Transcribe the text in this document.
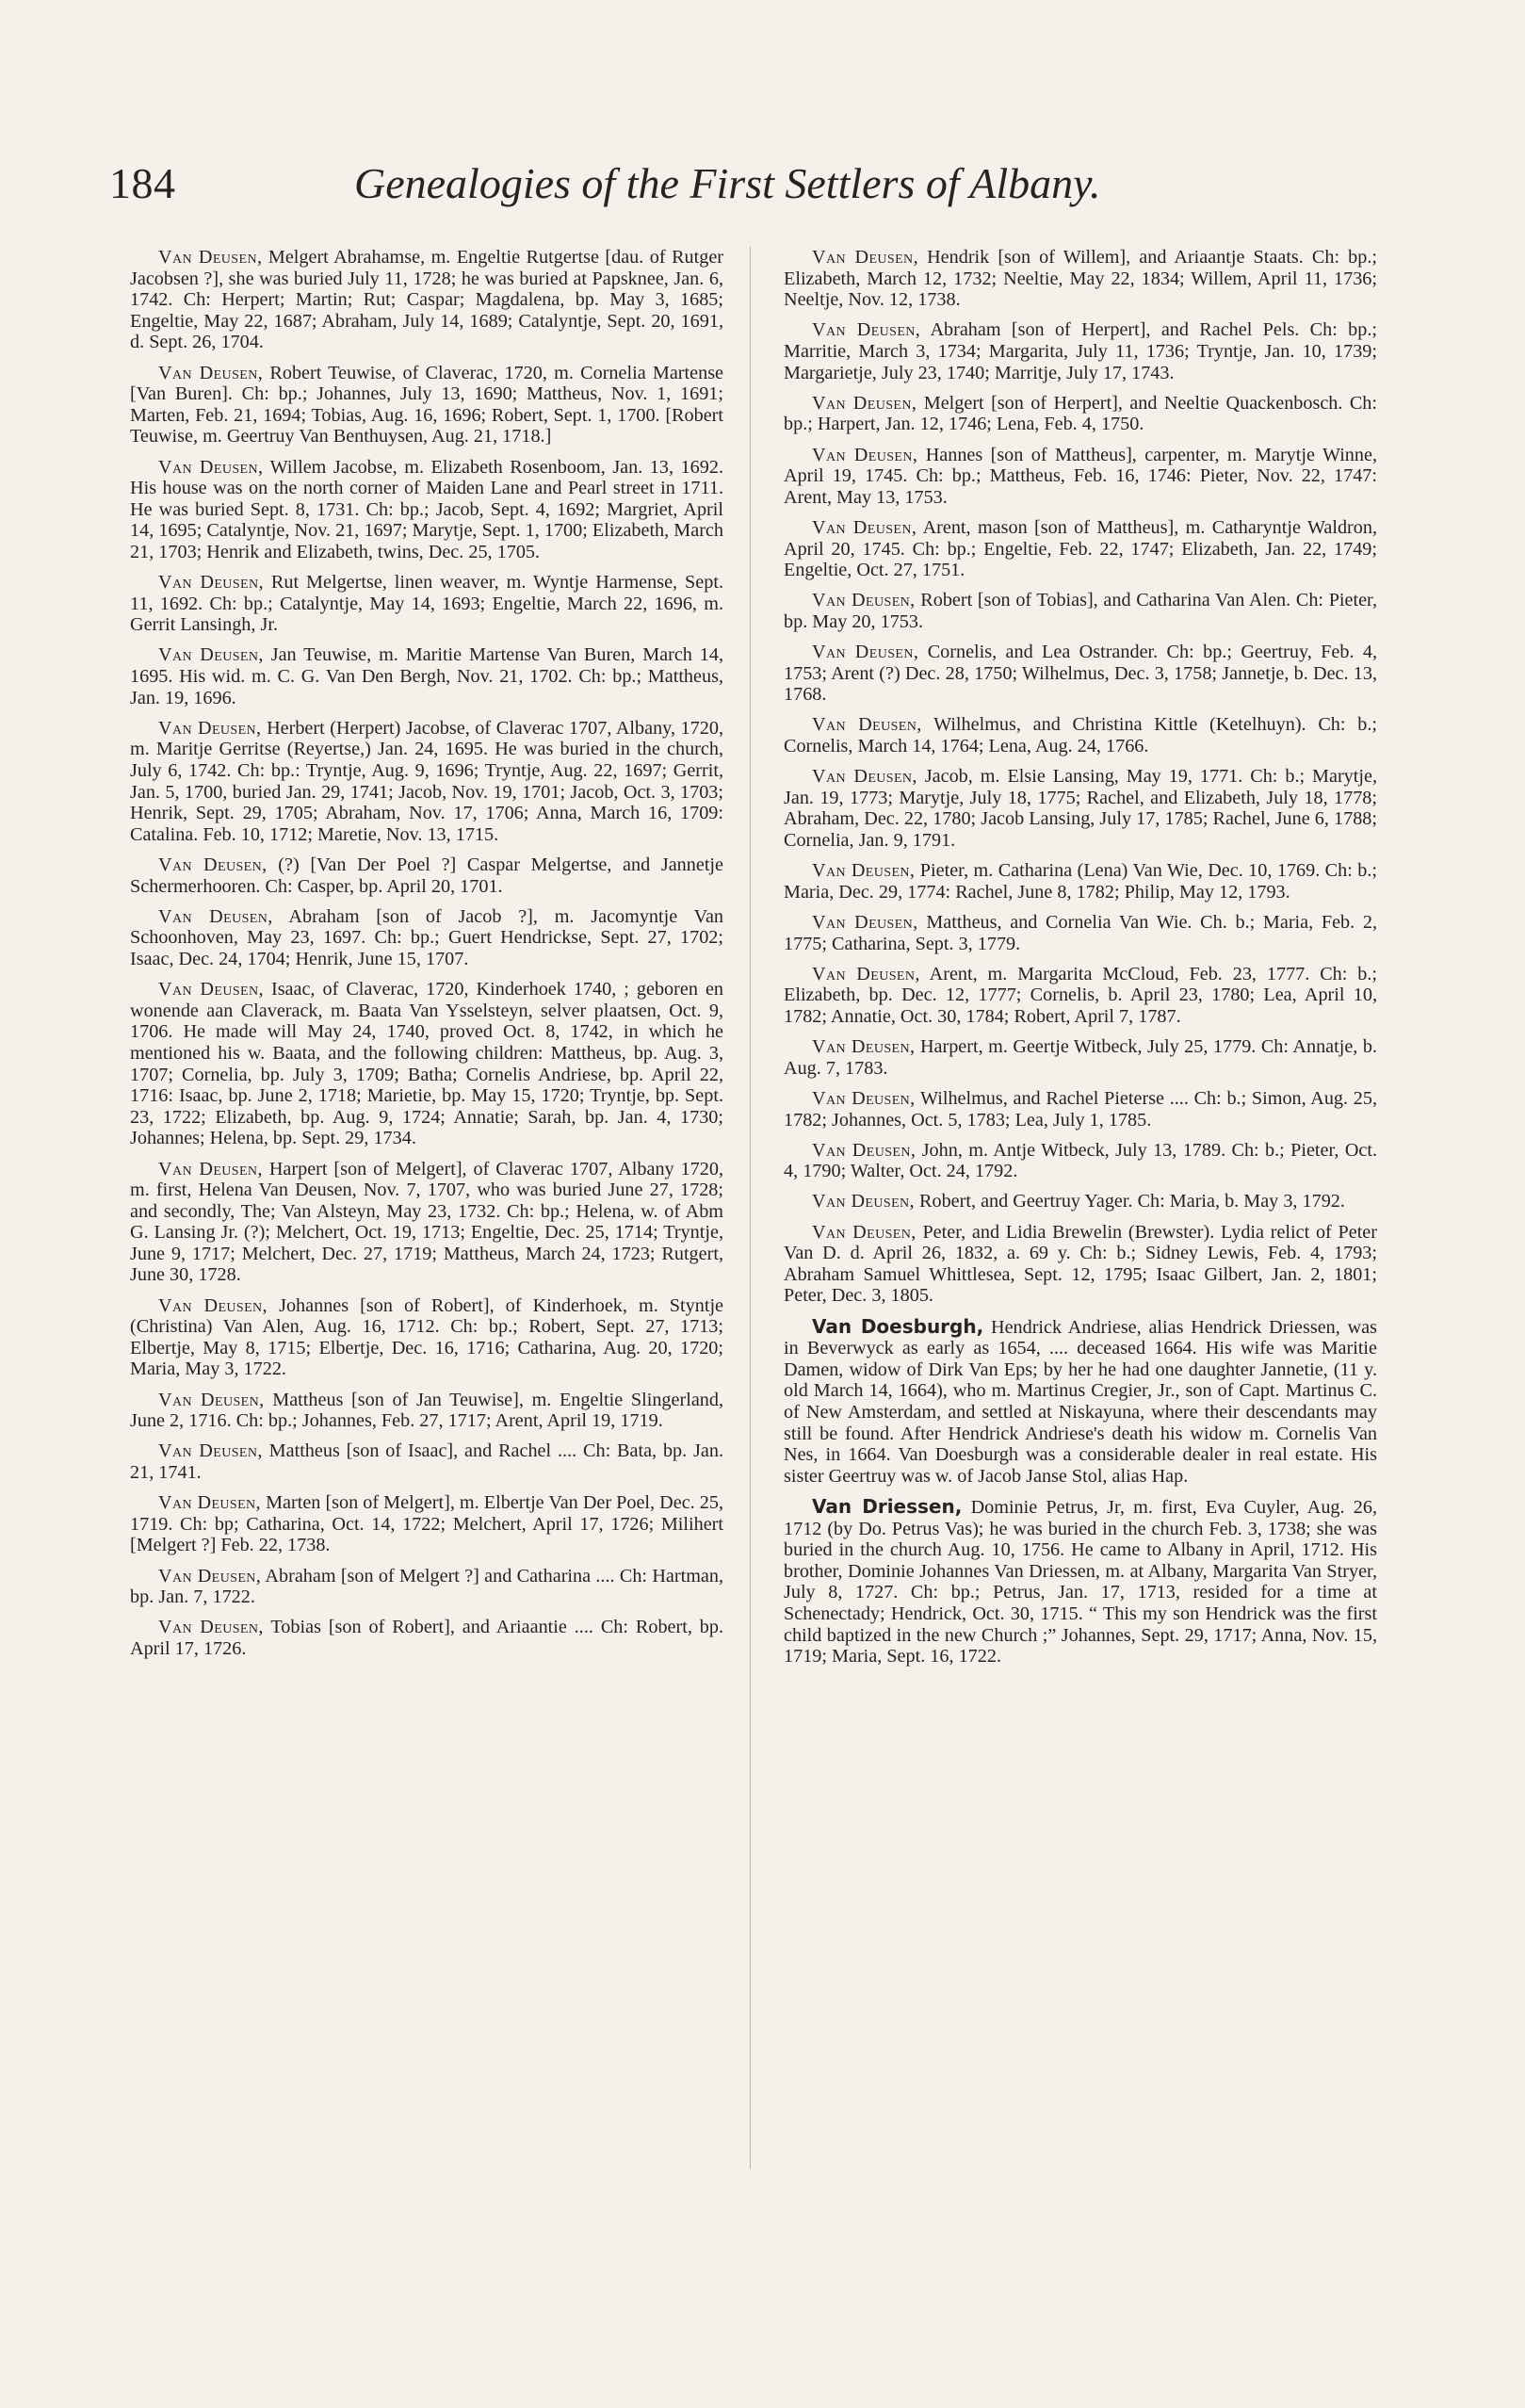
184	Genealogies of the First Settlers of Albany.

Van Deusen, Melgert Abrahamse, m. Engeltie Rutgertse [dau. of Rutger Jacobsen ?], she was buried July 11, 1728; he was buried at Papsknee, Jan. 6, 1742. Ch: Herpert; Martin; Rut; Caspar; Magdalena, bp. May 3, 1685; Engeltie, May 22, 1687; Abraham, July 14, 1689; Catalyntje, Sept. 20, 1691, d. Sept. 26, 1704.

Van Deusen, Robert Teuwise, of Claverac, 1720, m. Cornelia Martense [Van Buren]. Ch: bp.; Johannes, July 13, 1690; Mattheus, Nov. 1, 1691; Marten, Feb. 21, 1694; Tobias, Aug. 16, 1696; Robert, Sept. 1, 1700. [Robert Teuwise, m. Geertruy Van Benthuysen, Aug. 21, 1718.]

Van Deusen, Willem Jacobse, m. Elizabeth Rosenboom, Jan. 13, 1692. His house was on the north corner of Maiden Lane and Pearl street in 1711. He was buried Sept. 8, 1731. Ch: bp.; Jacob, Sept. 4, 1692; Margriet, April 14, 1695; Catalyntje, Nov. 21, 1697; Marytje, Sept. 1, 1700; Elizabeth, March 21, 1703; Henrik and Elizabeth, twins, Dec. 25, 1705.

Van Deusen, Rut Melgertse, linen weaver, m. Wyntje Harmense, Sept. 11, 1692. Ch: bp.; Catalyntje, May 14, 1693; Engeltie, March 22, 1696, m. Gerrit Lansingh, Jr.

Van Deusen, Jan Teuwise, m. Maritie Martense Van Buren, March 14, 1695. His wid. m. C. G. Van Den Bergh, Nov. 21, 1702. Ch: bp.; Mattheus, Jan. 19, 1696.

Van Deusen, Herbert (Herpert) Jacobse, of Claverac 1707, Albany, 1720, m. Maritje Gerritse (Reyertse,) Jan. 24, 1695. He was buried in the church, July 6, 1742. Ch: bp.: Tryntje, Aug. 9, 1696; Tryntje, Aug. 22, 1697; Gerrit, Jan. 5, 1700, buried Jan. 29, 1741; Jacob, Nov. 19, 1701; Jacob, Oct. 3, 1703; Henrik, Sept. 29, 1705; Abraham, Nov. 17, 1706; Anna, March 16, 1709: Catalina. Feb. 10, 1712; Maretie, Nov. 13, 1715.

Van Deusen, (?) [Van Der Poel ?] Caspar Melgertse, and Jannetje Schermerhooren. Ch: Casper, bp. April 20, 1701.

Van Deusen, Abraham [son of Jacob ?], m. Jacomyntje Van Schoonhoven, May 23, 1697. Ch: bp.; Guert Hendrickse, Sept. 27, 1702; Isaac, Dec. 24, 1704; Henrik, June 15, 1707.

Van Deusen, Isaac, of Claverac, 1720, Kinderhoek 1740, ; geboren en wonende aan Claverack, m. Baata Van Ysselsteyn, selver plaatsen, Oct. 9, 1706. He made will May 24, 1740, proved Oct. 8, 1742, in which he mentioned his w. Baata, and the following children: Mattheus, bp. Aug. 3, 1707; Cornelia, bp. July 3, 1709; Batha; Cornelis Andriese, bp. April 22, 1716: Isaac, bp. June 2, 1718; Marietie, bp. May 15, 1720; Tryntje, bp. Sept. 23, 1722; Elizabeth, bp. Aug. 9, 1724; Annatie; Sarah, bp. Jan. 4, 1730; Johannes; Helena, bp. Sept. 29, 1734.

Van Deusen, Harpert [son of Melgert], of Claverac 1707, Albany 1720, m. first, Helena Van Deusen, Nov. 7, 1707, who was buried June 27, 1728; and secondly, The; Van Alsteyn, May 23, 1732. Ch: bp.; Helena, w. of Abm G. Lansing Jr. (?); Melchert, Oct. 19, 1713; Engeltie, Dec. 25, 1714; Tryntje, June 9, 1717; Melchert, Dec. 27, 1719; Mattheus, March 24, 1723; Rutgert, June 30, 1728.

Van Deusen, Johannes [son of Robert], of Kinderhoek, m. Styntje (Christina) Van Alen, Aug. 16, 1712. Ch: bp.; Robert, Sept. 27, 1713; Elbertje, May 8, 1715; Elbertje, Dec. 16, 1716; Catharina, Aug. 20, 1720; Maria, May 3, 1722.

Van Deusen, Mattheus [son of Jan Teuwise], m. Engeltie Slingerland, June 2, 1716. Ch: bp.; Johannes, Feb. 27, 1717; Arent, April 19, 1719.

Van Deusen, Mattheus [son of Isaac], and Rachel .... Ch: Bata, bp. Jan. 21, 1741.

Van Deusen, Marten [son of Melgert], m. Elbertje Van Der Poel, Dec. 25, 1719. Ch: bp; Catharina, Oct. 14, 1722; Melchert, April 17, 1726; Milihert [Melgert ?] Feb. 22, 1738.

Van Deusen, Abraham [son of Melgert ?] and Catharina .... Ch: Hartman, bp. Jan. 7, 1722.

Van Deusen, Tobias [son of Robert], and Ariaantie .... Ch: Robert, bp. April 17, 1726.

Van Deusen, Hendrik [son of Willem], and Ariaantje Staats. Ch: bp.; Elizabeth, March 12, 1732; Neeltie, May 22, 1834; Willem, April 11, 1736; Neeltje, Nov. 12, 1738.

Van Deusen, Abraham [son of Herpert], and Rachel Pels. Ch: bp.; Marritie, March 3, 1734; Margarita, July 11, 1736; Tryntje, Jan. 10, 1739; Margarietje, July 23, 1740; Marritje, July 17, 1743.

Van Deusen, Melgert [son of Herpert], and Neeltie Quackenbosch. Ch: bp.; Harpert, Jan. 12, 1746; Lena, Feb. 4, 1750.

Van Deusen, Hannes [son of Mattheus], carpenter, m. Marytje Winne, April 19, 1745. Ch: bp.; Mattheus, Feb. 16, 1746: Pieter, Nov. 22, 1747: Arent, May 13, 1753.

Van Deusen, Arent, mason [son of Mattheus], m. Catharyntje Waldron, April 20, 1745. Ch: bp.; Engeltie, Feb. 22, 1747; Elizabeth, Jan. 22, 1749; Engeltie, Oct. 27, 1751.

Van Deusen, Robert [son of Tobias], and Catharina Van Alen. Ch: Pieter, bp. May 20, 1753.

Van Deusen, Cornelis, and Lea Ostrander. Ch: bp.; Geertruy, Feb. 4, 1753; Arent (?) Dec. 28, 1750; Wilhelmus, Dec. 3, 1758; Jannetje, b. Dec. 13, 1768.

Van Deusen, Wilhelmus, and Christina Kittle (Ketelhuyn). Ch: b.; Cornelis, March 14, 1764; Lena, Aug. 24, 1766.

Van Deusen, Jacob, m. Elsie Lansing, May 19, 1771. Ch: b.; Marytje, Jan. 19, 1773; Marytje, July 18, 1775; Rachel, and Elizabeth, July 18, 1778; Abraham, Dec. 22, 1780; Jacob Lansing, July 17, 1785; Rachel, June 6, 1788; Cornelia, Jan. 9, 1791.

Van Deusen, Pieter, m. Catharina (Lena) Van Wie, Dec. 10, 1769. Ch: b.; Maria, Dec. 29, 1774: Rachel, June 8, 1782; Philip, May 12, 1793.

Van Deusen, Mattheus, and Cornelia Van Wie. Ch. b.; Maria, Feb. 2, 1775; Catharina, Sept. 3, 1779.

Van Deusen, Arent, m. Margarita McCloud, Feb. 23, 1777. Ch: b.; Elizabeth, bp. Dec. 12, 1777; Cornelis, b. April 23, 1780; Lea, April 10, 1782; Annatie, Oct. 30, 1784; Robert, April 7, 1787.

Van Deusen, Harpert, m. Geertje Witbeck, July 25, 1779. Ch: Annatje, b. Aug. 7, 1783.

Van Deusen, Wilhelmus, and Rachel Pieterse .... Ch: b.; Simon, Aug. 25, 1782; Johannes, Oct. 5, 1783; Lea, July 1, 1785.

Van Deusen, John, m. Antje Witbeck, July 13, 1789. Ch: b.; Pieter, Oct. 4, 1790; Walter, Oct. 24, 1792.

Van Deusen, Robert, and Geertruy Yager. Ch: Maria, b. May 3, 1792.

Van Deusen, Peter, and Lidia Brewelin (Brewster). Lydia relict of Peter Van D. d. April 26, 1832, a. 69 y. Ch: b.; Sidney Lewis, Feb. 4, 1793; Abraham Samuel Whittlesea, Sept. 12, 1795; Isaac Gilbert, Jan. 2, 1801; Peter, Dec. 3, 1805.

Van Doesburgh, Hendrick Andriese, alias Hendrick Driessen, was in Beverwyck as early as 1654, .... deceased 1664. His wife was Maritie Damen, widow of Dirk Van Eps; by her he had one daughter Jannetie, (11 y. old March 14, 1664), who m. Martinus Cregier, Jr., son of Capt. Martinus C. of New Amsterdam, and settled at Niskayuna, where their descendants may still be found. After Hendrick Andriese's death his widow m. Cornelis Van Nes, in 1664. Van Doesburgh was a considerable dealer in real estate. His sister Geertruy was w. of Jacob Janse Stol, alias Hap.

Van Driessen, Dominie Petrus, Jr, m. first, Eva Cuyler, Aug. 26, 1712 (by Do. Petrus Vas); he was buried in the church Feb. 3, 1738; she was buried in the church Aug. 10, 1756. He came to Albany in April, 1712. His brother, Dominie Johannes Van Driessen, m. at Albany, Margarita Van Stryer, July 8, 1727. Ch: bp.; Petrus, Jan. 17, 1713, resided for a time at Schenectady; Hendrick, Oct. 30, 1715. “ This my son Hendrick was the first child baptized in the new Church ;” Johannes, Sept. 29, 1717; Anna, Nov. 15, 1719; Maria, Sept. 16, 1722.
